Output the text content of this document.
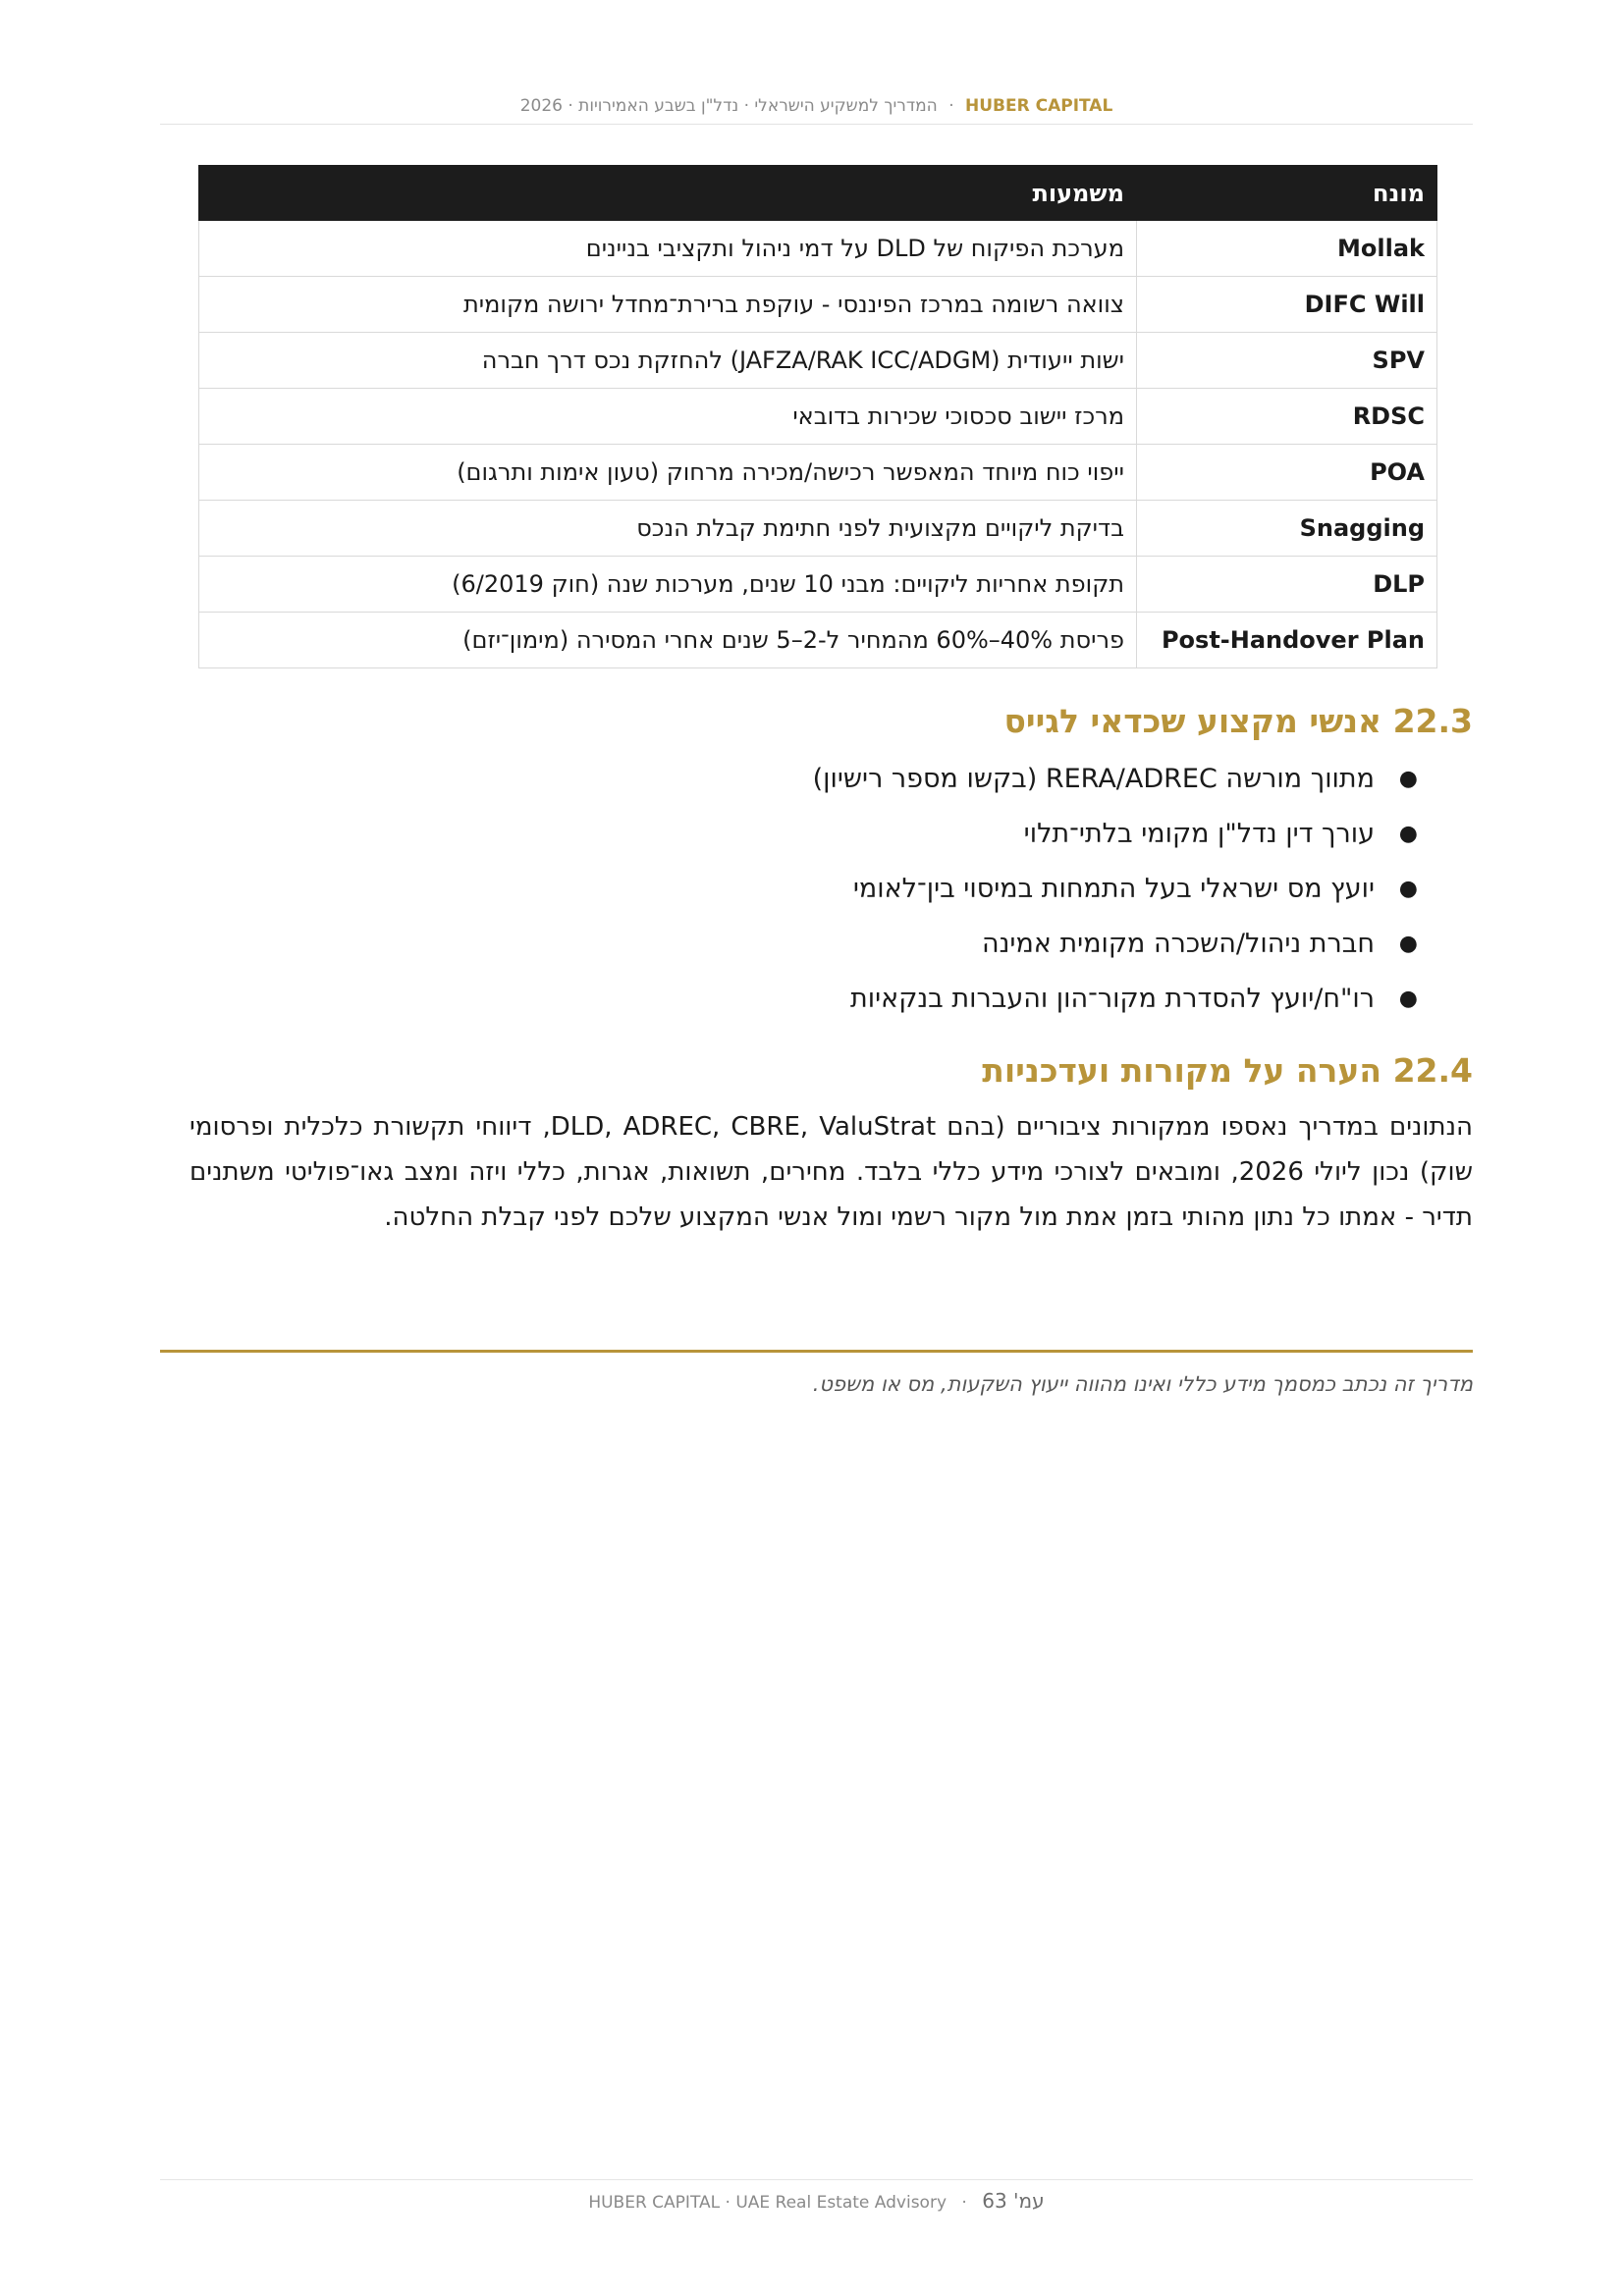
HUBER CAPITAL · המדריך למשקיע הישראלי · נדל"ן בשבע האמירויות · 2026
מונח	משמעות
Mollak	מערכת הפיקוח של DLD על דמי ניהול ותקציבי בניינים
DIFC Will	צוואה רשומה במרכז הפיננסי - עוקפת ברירת־מחדל ירושה מקומית
SPV	ישות ייעודית (JAFZA/RAK ICC/ADGM) להחזקת נכס דרך חברה
RDSC	מרכז יישוב סכסוכי שכירות בדובאי
POA	ייפוי כוח מיוחד המאפשר רכישה/מכירה מרחוק (טעון אימות ותרגום)
Snagging	בדיקת ליקויים מקצועית לפני חתימת קבלת הנכס
DLP	תקופת אחריות ליקויים: מבני 10 שנים, מערכות שנה (חוק 6/2019)
Post-Handover Plan	פריסת 40%–60% מהמחיר ל-2–5 שנים אחרי המסירה (מימון־יזם)
22.3 אנשי מקצוע שכדאי לגייס
●
מתווך מורשה RERA/ADREC (בקשו מספר רישיון)
●
עורך דין נדל"ן מקומי בלתי־תלוי
●
יועץ מס ישראלי בעל התמחות במיסוי בין־לאומי
●
חברת ניהול/השכרה מקומית אמינה
●
רו"ח/יועץ להסדרת מקור־הון והעברות בנקאיות
22.4 הערה על מקורות ועדכניות

הנתונים במדריך נאספו ממקורות ציבוריים (בהם DLD, ADREC, CBRE, ValuStrat, דיווחי תקשורת כלכלית ופרסומי שוק) נכון ליולי 2026, ומובאים לצורכי מידע כללי בלבד. מחירים, תשואות, אגרות, כללי ויזה ומצב גאו־פוליטי משתנים תדיר - אמתו כל נתון מהותי בזמן אמת מול מקור רשמי ומול אנשי המקצוע שלכם לפני קבלת החלטה.

מדריך זה נכתב כמסמך מידע כללי ואינו מהווה ייעוץ השקעות, מס או משפט.

עמ' 63 · HUBER CAPITAL · UAE Real Estate Advisory
